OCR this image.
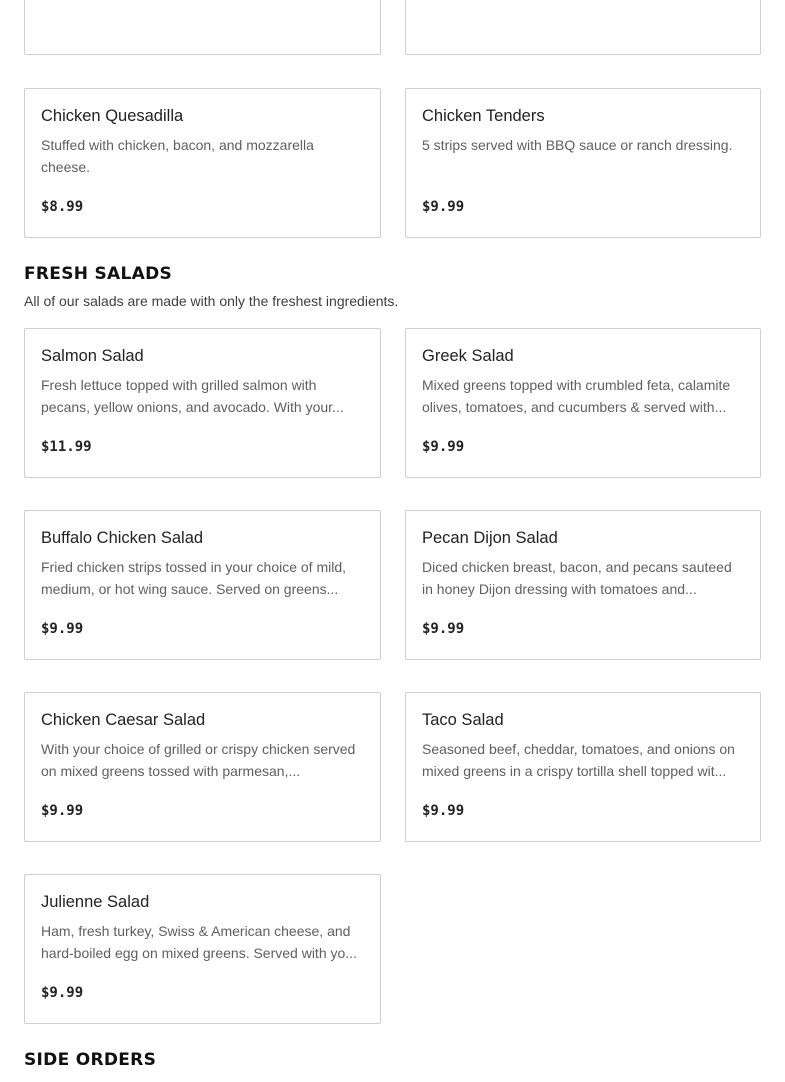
Chicken Quesadilla
Stuffed with chicken, bacon, and mozzarella cheese.
$8.99
Chicken Tenders
5 strips served with BBQ sauce or ranch dressing.
$9.99
FRESH SALADS
All of our salads are made with only the freshest ingredients.
Salmon Salad
Fresh lettuce topped with grilled salmon with pecans, yellow onions, and avocado. With your...
$11.99
Greek Salad
Mixed greens topped with crumbled feta, calamite olives, tomatoes, and cucumbers & served with...
$9.99
Buffalo Chicken Salad
Fried chicken strips tossed in your choice of mild, medium, or hot wing sauce. Served on greens...
$9.99
Pecan Dijon Salad
Diced chicken breast, bacon, and pecans sauteed in honey Dijon dressing with tomatoes and...
$9.99
Chicken Caesar Salad
With your choice of grilled or crispy chicken served on mixed greens tossed with parmesan,...
$9.99
Taco Salad
Seasoned beef, cheddar, tomatoes, and onions on mixed greens in a crispy tortilla shell topped wit...
$9.99
Julienne Salad
Ham, fresh turkey, Swiss & American cheese, and hard-boiled egg on mixed greens. Served with yo...
$9.99
SIDE ORDERS
